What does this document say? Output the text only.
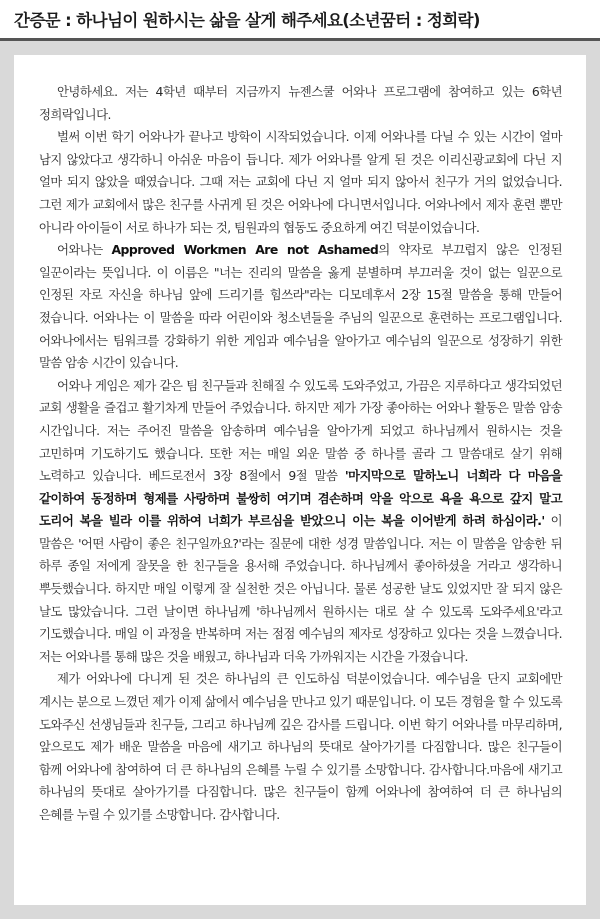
간증문 : 하나님이 원하시는 삶을 살게 해주세요(소년꿈터 : 정희락)

안녕하세요. 저는 4학년 때부터 지금까지 뉴젠스쿨 어와나 프로그램에 참여하고 있는 6학년 정희락입니다.

벌써 이번 학기 어와나가 끝나고 방학이 시작되었습니다. 이제 어와나를 다닐 수 있는 시간이 얼마 남지 않았다고 생각하니 아쉬운 마음이 듭니다. 제가 어와나를 알게 된 것은 이리신광교회에 다닌 지 얼마 되지 않았을 때였습니다. 그때 저는 교회에 다닌 지 얼마 되지 않아서 친구가 거의 없었습니다. 그런 제가 교회에서 많은 친구를 사귀게 된 것은 어와나에 다니면서입니다. 어와나에서 제자 훈련 뿐만 아니라 아이들이 서로 하나가 되는 것, 팀원과의 협동도 중요하게 여긴 덕분이었습니다.

어와나는 Approved Workmen Are not Ashamed의 약자로 부끄럽지 않은 인정된 일꾼이라는 뜻입니다. 이 이름은 "너는 진리의 말씀을 옳게 분별하며 부끄러울 것이 없는 일꾼으로 인정된 자로 자신을 하나님 앞에 드리기를 힘쓰라"라는 디모데후서 2장 15절 말씀을 통해 만들어 졌습니다. 어와나는 이 말씀을 따라 어린이와 청소년들을 주님의 일꾼으로 훈련하는 프로그램입니다. 어와나에서는 팀워크를 강화하기 위한 게임과 예수님을 알아가고 예수님의 일꾼으로 성장하기 위한 말씀 암송 시간이 있습니다.

어와나 게임은 제가 같은 팀 친구들과 친해질 수 있도록 도와주었고, 가끔은 지루하다고 생각되었던 교회 생활을 즐겁고 활기차게 만들어 주었습니다. 하지만 제가 가장 좋아하는 어와나 활동은 말씀 암송 시간입니다. 저는 주어진 말씀을 암송하며 예수님을 알아가게 되었고 하나님께서 원하시는 것을 고민하며 기도하기도 했습니다. 또한 저는 매일 외운 말씀 중 하나를 골라 그 말씀대로 살기 위해 노력하고 있습니다. 베드로전서 3장 8절에서 9절 말씀 '마지막으로 말하노니 너희라 다 마음을 같이하여 동정하며 형제를 사랑하며 불쌍히 여기며 겸손하며 악을 악으로 욕을 욕으로 갚지 말고 도리어 복을 빌라 이를 위하여 너희가 부르심을 받았으니 이는 복을 이어받게 하려 하심이라.' 이 말씀은 '어떤 사람이 좋은 친구일까요?'라는 질문에 대한 성경 말씀입니다. 저는 이 말씀을 암송한 뒤 하루 종일 저에게 잘못을 한 친구들을 용서해 주었습니다. 하나님께서 좋아하셨을 거라고 생각하니 뿌듯했습니다. 하지만 매일 이렇게 잘 실천한 것은 아닙니다. 물론 성공한 날도 있었지만 잘 되지 않은 날도 많았습니다. 그런 날이면 하나님께 '하나님께서 원하시는 대로 살 수 있도록 도와주세요'라고 기도했습니다. 매일 이 과정을 반복하며 저는 점점 예수님의 제자로 성장하고 있다는 것을 느꼈습니다. 저는 어와나를 통해 많은 것을 배웠고, 하나님과 더욱 가까워지는 시간을 가졌습니다.

제가 어와나에 다니게 된 것은 하나님의 큰 인도하심 덕분이었습니다. 예수님을 단지 교회에만 계시는 분으로 느꼈던 제가 이제 삶에서 예수님을 만나고 있기 때문입니다. 이 모든 경험을 할 수 있도록 도와주신 선생님들과 친구들, 그리고 하나님께 깊은 감사를 드립니다. 이번 학기 어와나를 마무리하며, 앞으로도 제가 배운 말씀을 마음에 새기고 하나님의 뜻대로 살아가기를 다짐합니다. 많은 친구들이 함께 어와나에 참여하여 더 큰 하나님의 은혜를 누릴 수 있기를 소망합니다. 감사합니다.마음에 새기고 하나님의 뜻대로 살아가기를 다짐합니다. 많은 친구들이 함께 어와나에 참여하여 더 큰 하나님의 은혜를 누릴 수 있기를 소망합니다. 감사합니다.
